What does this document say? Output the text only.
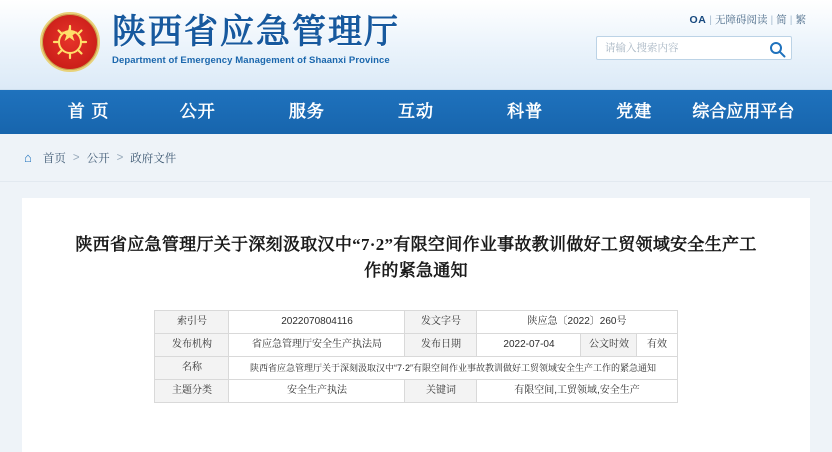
★ 陕西省应急管理厅
Department of Emergency Management of Shaanxi Province
OA | 无障碍阅读 | 简 | 繁
请输入搜索内容
首 页	公开	服务	互动	科普	党建	综合应用平台
⌂ 首页 > 公开 > 政府文件
陕西省应急管理厅关于深刻汲取汉中“7·2”有限空间作业事故教训做好工贸领域安全生产工作的紧急通知
索引号	2022070804116	发文字号	陕应急〔2022〕260号		
发布机构	省应急管理厅安全生产执法局	发布日期	2022-07-04	公文时效	有效
名称	陕西省应急管理厅关于深刻汲取汉中“7·2”有限空间作业事故教训做好工贸领域安全生产工作的紧急通知				
主题分类	安全生产执法	关键词	有限空间,工贸领域,安全生产		
